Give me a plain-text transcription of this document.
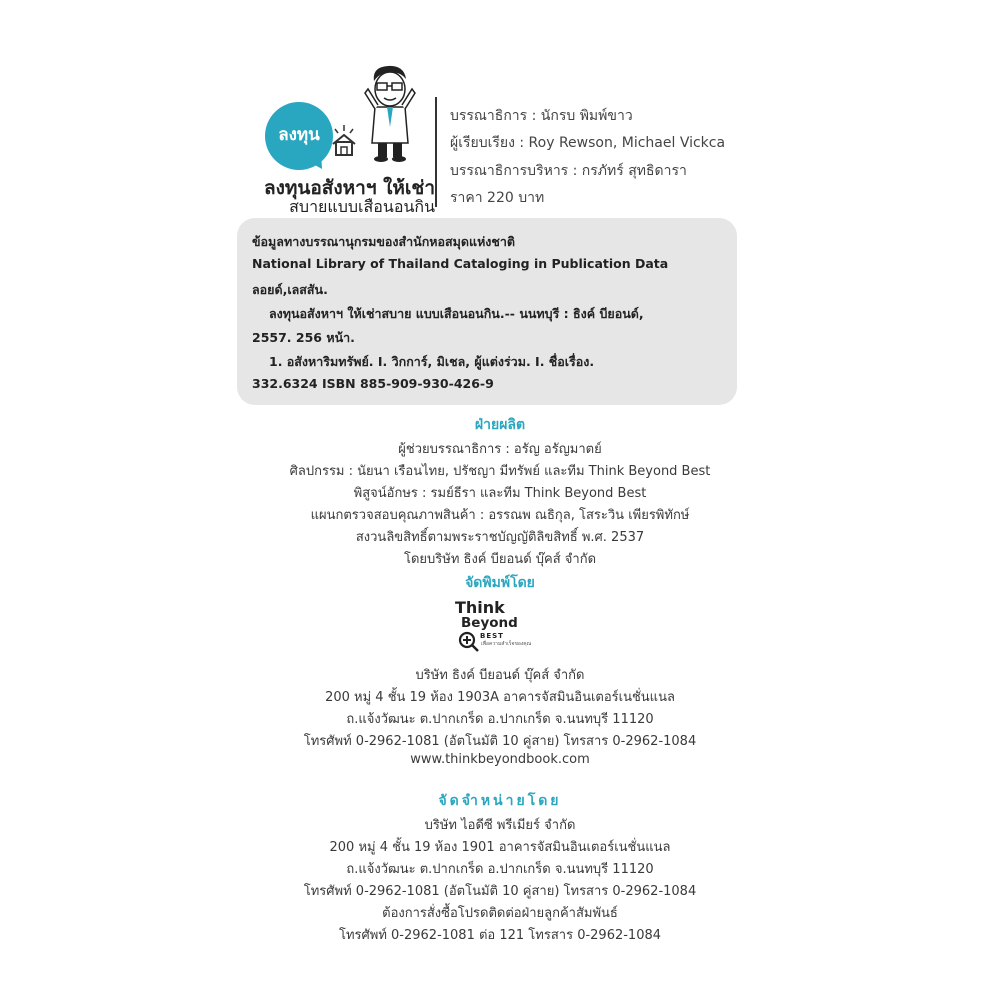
ลงทุน
ลงทุนอสังหาฯ ให้เช่า
สบายแบบเสือนอนกิน
บรรณาธิการ : นักรบ พิมพ์ขาว
ผู้เรียบเรียง : Roy Rewson, Michael Vickca
บรรณาธิการบริหาร : กรภัทร์ สุทธิดารา
ราคา 220 บาท
ข้อมูลทางบรรณานุกรมของสำนักหอสมุดแห่งชาติ
National Library of Thailand Cataloging in Publication Data
ลอยด์,เลสสัน.
ลงทุนอสังหาฯ ให้เช่าสบาย แบบเสือนอนกิน.-- นนทบุรี : ธิงค์ บียอนด์,
2557. 256 หน้า.
1. อสังหาริมทรัพย์. I. วิกการ์, มิเชล, ผู้แต่งร่วม. I. ชื่อเรื่อง.
332.6324 ISBN 885-909-930-426-9
ฝ่ายผลิต
ผู้ช่วยบรรณาธิการ : อรัญ อรัญมาตย์
ศิลปกรรม : นัยนา เรือนไทย, ปรัชญา มีทรัพย์ และทีม Think Beyond Best
พิสูจน์อักษร : รมย์ธีรา และทีม Think Beyond Best
แผนกตรวจสอบคุณภาพสินค้า : อรรณพ ณธิกุล, โสระวิน เพียรพิทักษ์
สงวนลิขสิทธิ์ตามพระราชบัญญัติลิขสิทธิ์ พ.ศ. 2537
โดยบริษัท ธิงค์ บียอนด์ บุ๊คส์ จำกัด
จัดพิมพ์โดย
Think
Beyond
BEST
เพื่อความสำเร็จของคุณ
บริษัท ธิงค์ บียอนด์ บุ๊คส์ จำกัด
200 หมู่ 4 ชั้น 19 ห้อง 1903A อาคารจัสมินอินเตอร์เนชั่นแนล
ถ.แจ้งวัฒนะ ต.ปากเกร็ด อ.ปากเกร็ด จ.นนทบุรี 11120
โทรศัพท์ 0-2962-1081 (อัตโนมัติ 10 คู่สาย) โทรสาร 0-2962-1084
www.thinkbeyondbook.com
จัดจำหน่ายโดย
บริษัท ไอดีซี พรีเมียร์ จำกัด
200 หมู่ 4 ชั้น 19 ห้อง 1901 อาคารจัสมินอินเตอร์เนชั่นแนล
ถ.แจ้งวัฒนะ ต.ปากเกร็ด อ.ปากเกร็ด จ.นนทบุรี 11120
โทรศัพท์ 0-2962-1081 (อัตโนมัติ 10 คู่สาย) โทรสาร 0-2962-1084
ต้องการสั่งซื้อโปรดติดต่อฝ่ายลูกค้าสัมพันธ์
โทรศัพท์ 0-2962-1081 ต่อ 121 โทรสาร 0-2962-1084
